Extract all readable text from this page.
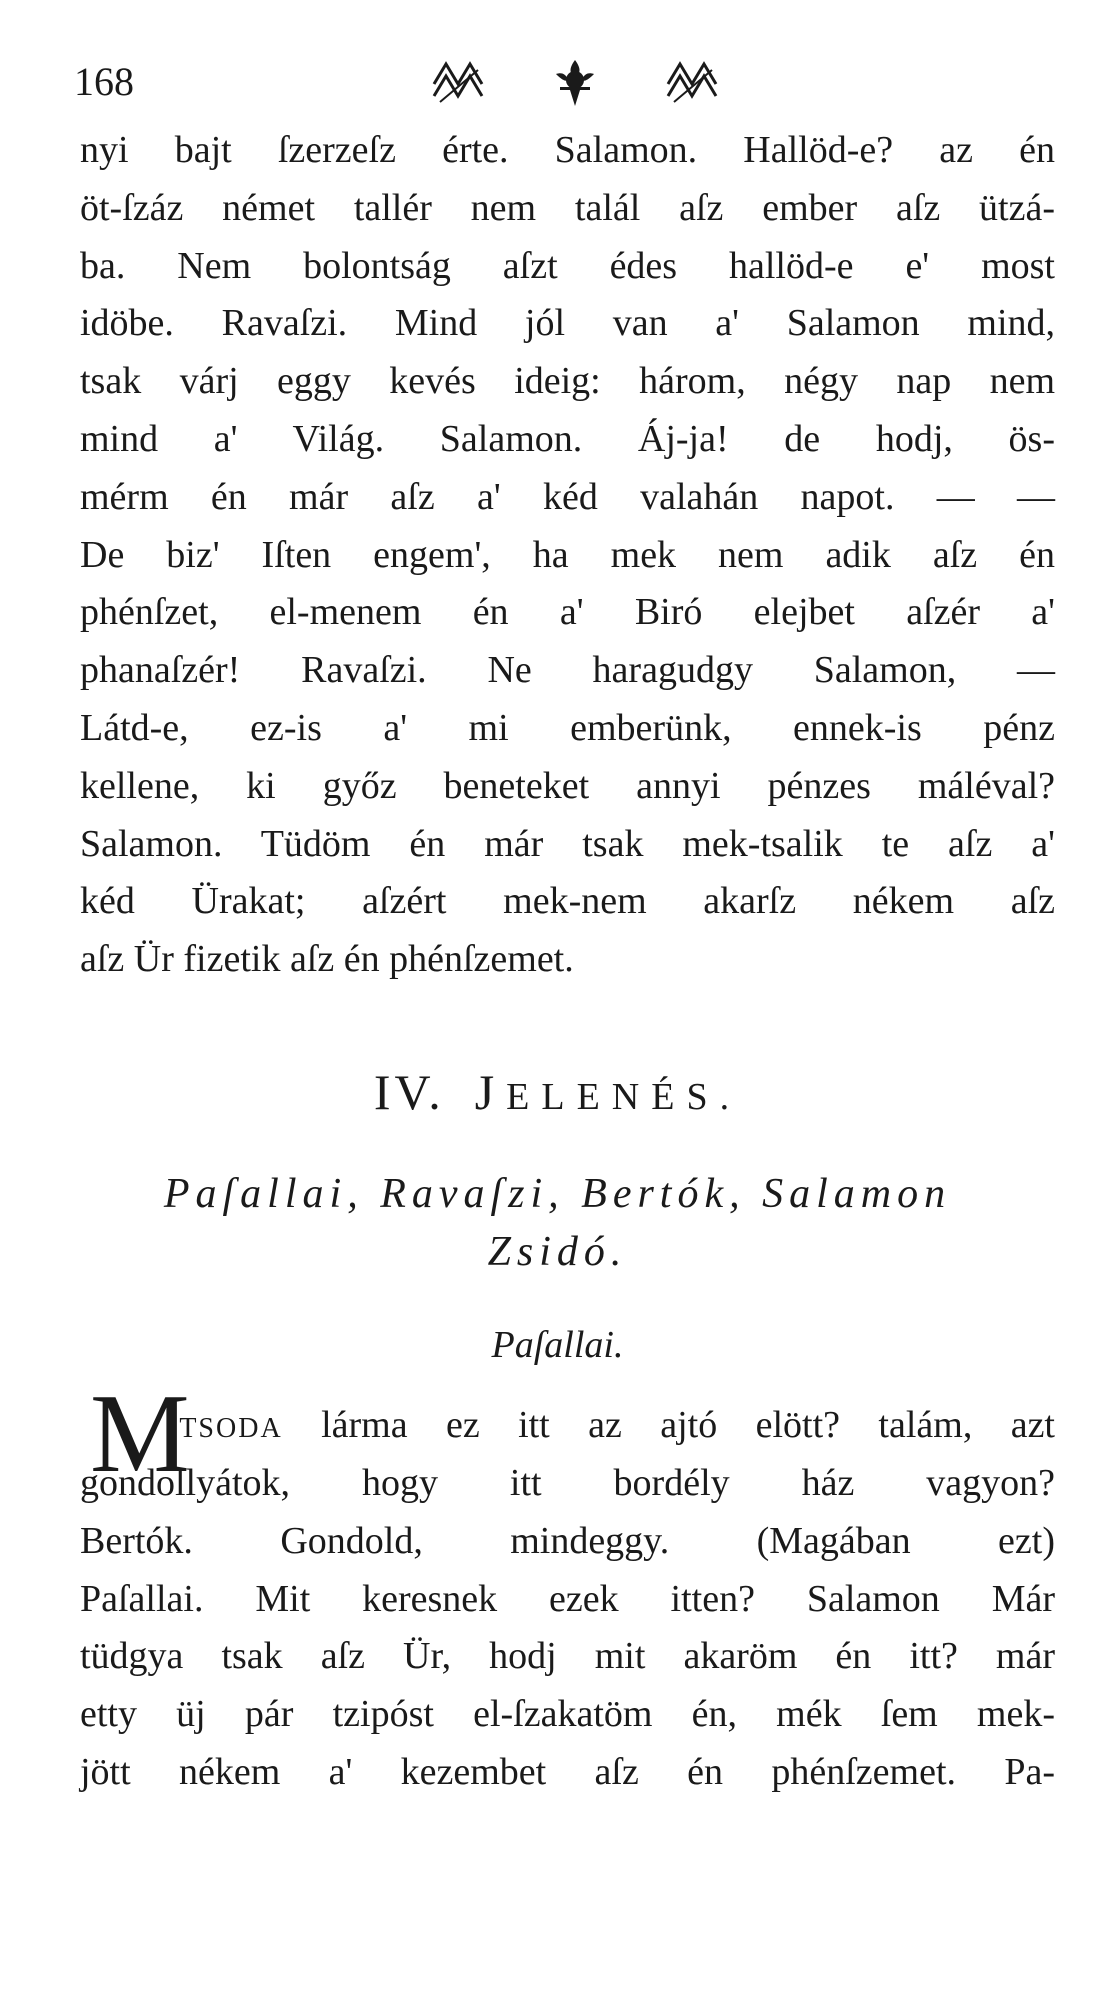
168
nyi bajt ſzerzeſz érte. Salamon. Hallöd-e? az én
öt-ſzáz német tallér nem talál aſz ember aſz ützá-
ba. Nem bolontság aſzt édes hallöd-e e' most
idöbe. Ravaſzi. Mind jól van a' Salamon mind,
tsak várj eggy kevés ideig: három, négy nap nem
mind a' Világ. Salamon. Áj-ja! de hodj, ös-
mérm én már aſz a' kéd valahán napot. — —
De biz' Iſten engem', ha mek nem adik aſz én
phénſzet, el-menem én a' Biró elejbet aſzér a'
phanaſzér! Ravaſzi. Ne haragudgy Salamon, —
Látd-e, ez-is a' mi emberünk, ennek-is pénz
kellene, ki győz beneteket annyi pénzes máléval?
Salamon. Tüdöm én már tsak mek-tsalik te aſz a'
kéd Ürakat; aſzért mek-nem akarſz nékem aſz
aſz Ür fizetik aſz én phénſzemet.
IV. JELENÉS.
Paſallai, Ravaſzi, Bertók, Salamon
Zsidó.
Paſallai.
M
ITSODA lárma ez itt az ajtó elött? talám, azt
gondollyátok, hogy itt bordély ház vagyon?
Bertók. Gondold, mindeggy. (Magában ezt)
Paſallai. Mit keresnek ezek itten? Salamon Már
tüdgya tsak aſz Ür, hodj mit akaröm én itt? már
etty üj pár tzipóst el-ſzakatöm én, mék ſem mek-
jött nékem a' kezembet aſz én phénſzemet. Pa-
